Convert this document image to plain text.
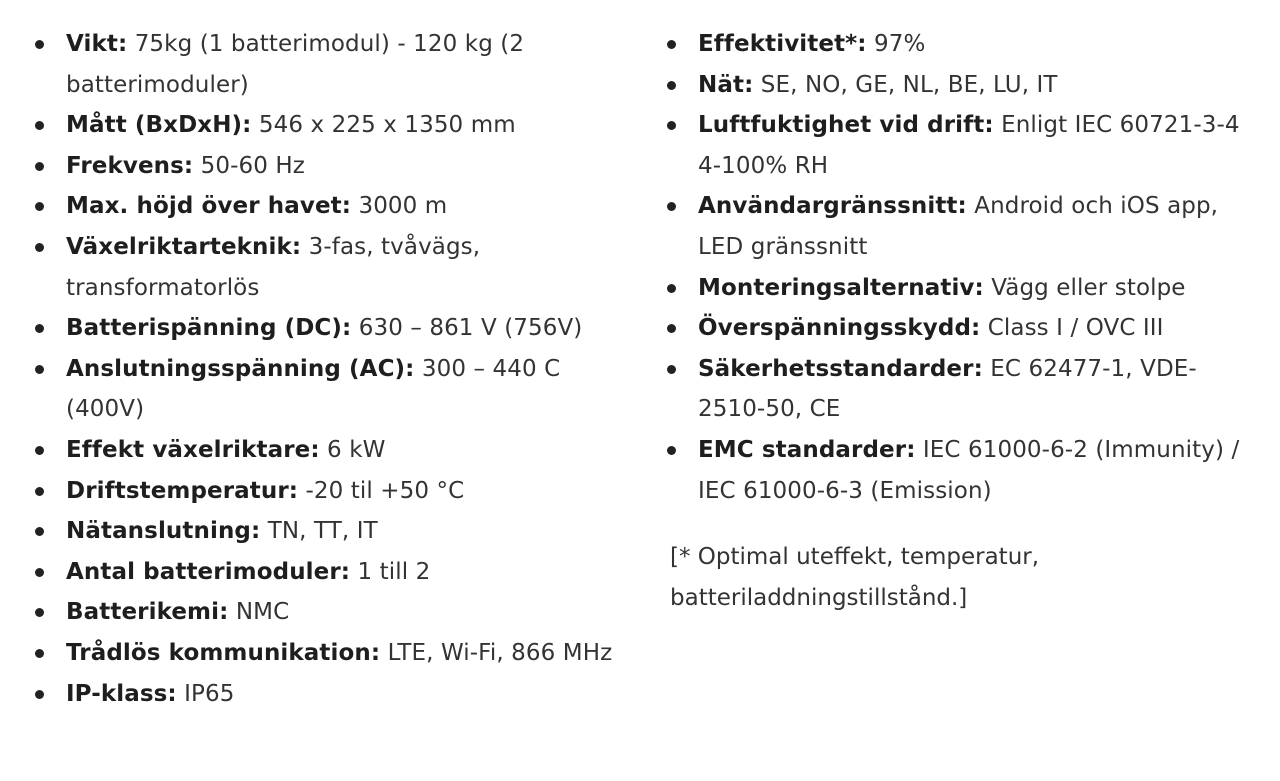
Vikt: 75kg (1 batterimodul) - 120 kg (2 batterimoduler)
Mått (BxDxH): 546 x 225 x 1350 mm
Frekvens: 50-60 Hz
Max. höjd över havet: 3000 m
Växelriktarteknik: 3-fas, tvåvägs, transformatorlös
Batterispänning (DC): 630 – 861 V (756V)
Anslutningsspänning (AC): 300 – 440 C (400V)
Effekt växelriktare: 6 kW
Driftstemperatur: -20 til +50 °C
Nätanslutning: TN, TT, IT
Antal batterimoduler: 1 till 2
Batterikemi: NMC
Trådlös kommunikation: LTE, Wi-Fi, 866 MHz
IP-klass: IP65
Effektivitet*: 97%
Nät: SE, NO, GE, NL, BE, LU, IT
Luftfuktighet vid drift: Enligt IEC 60721-3-4 4-100% RH
Användargränssnitt: Android och iOS app, LED gränssnitt
Monteringsalternativ: Vägg eller stolpe
Överspänningsskydd: Class I / OVC III
Säkerhetsstandarder: EC 62477-1, VDE-2510-50, CE
EMC standarder: IEC 61000-6-2 (Immunity) / IEC 61000-6-3 (Emission)
[* Optimal uteffekt, temperatur, batteriladdningstillstånd.]
